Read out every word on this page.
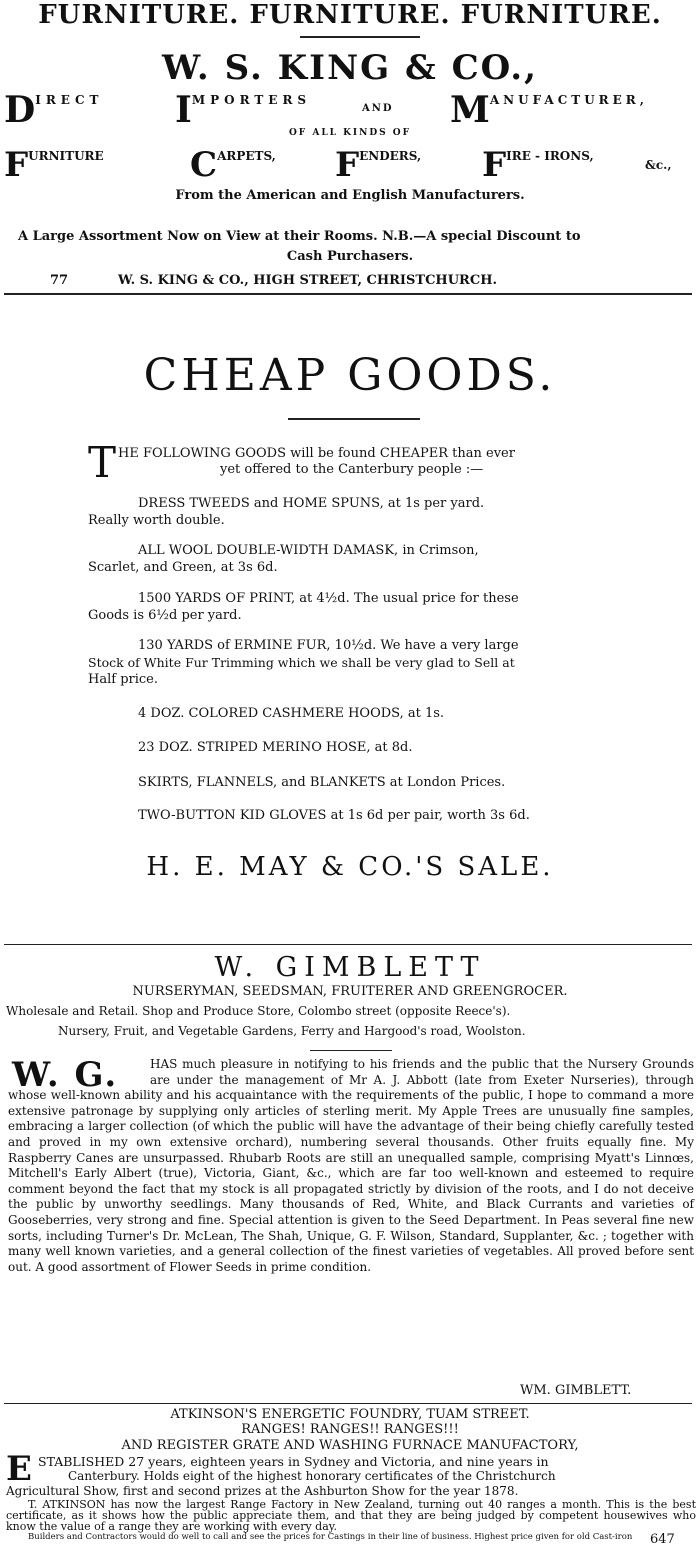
FURNITURE. FURNITURE. FURNITURE.
W. S. KING & CO.,
$D^{IRECT}$ $I^{MPORTERS}$
AND $M^{ANUFACTURER,}$
OF ALL KINDS OF
$F^{URNITURE}$	$C^{ARPETS,}$ $F^{ENDERS,}$ $F^{IRE - IRONS,}$
&c.,
From the American and English Manufacturers.
A Large Assortment Now on View at their Rooms. N.B.—A special Discount to
Cash Purchasers.
77	W. S. KING & CO., HIGH STREET, CHRISTCHURCH.
CHEAP GOODS.
T HE FOLLOWING GOODS will be found CHEAPER than ever
yet offered to the Canterbury people :—
DRESS TWEEDS and HOME SPUNS, at 1s per yard.
Really worth double.
ALL WOOL DOUBLE-WIDTH DAMASK, in Crimson,
Scarlet, and Green, at 3s 6d.
1500 YARDS OF PRINT, at 4½d. The usual price for these
Goods is 6½d per yard.
130 YARDS of ERMINE FUR, 10½d. We have a very large
Stock of White Fur Trimming which we shall be very glad to Sell at
Half price.
4 DOZ. COLORED CASHMERE HOODS, at 1s.
23 DOZ. STRIPED MERINO HOSE, at 8d.
SKIRTS, FLANNELS, and BLANKETS at London Prices.
TWO-BUTTON KID GLOVES at 1s 6d per pair, worth 3s 6d.
H. E. MAY & CO.'S SALE.
W. GIMBLETT
NURSERYMAN, SEEDSMAN, FRUITERER AND GREENGROCER.
Wholesale and Retail. Shop and Produce Store, Colombo street (opposite Reece's).
Nursery, Fruit, and Vegetable Gardens, Ferry and Hargood's road, Woolston.
W. G.	HAS much pleasure in notifying to his friends and the public that the Nursery Grounds are under the management of Mr A. J. Abbott (late from Exeter Nurseries), through whose well-known ability and his acquaintance with the requirements of the public, I hope to command a more extensive patronage by supplying only articles of sterling merit. My Apple Trees are unusually fine samples, embracing a larger collection (of which the public will have the advantage of their being chiefly carefully tested and proved in my own extensive orchard), numbering several thousands. Other fruits equally fine. My Raspberry Canes are unsurpassed. Rhubarb Roots are still an unequalled sample, comprising Myatt's Linnœs, Mitchell's Early Albert (true), Victoria, Giant, &c., which are far too well-known and esteemed to require comment beyond the fact that my stock is all propagated strictly by division of the roots, and I do not deceive the public by unworthy seedlings. Many thousands of Red, White, and Black Currants and varieties of Gooseberries, very strong and fine. Special attention is given to the Seed Department. In Peas several fine new sorts, including Turner's Dr. McLean, The Shah, Unique, G. F. Wilson, Standard, Supplanter, &c. ; together with many well known varieties, and a general collection of the finest varieties of vegetables. All proved before sent out. A good assortment of Flower Seeds in prime condition.
WM. GIMBLETT.
ATKINSON'S ENERGETIC FOUNDRY, TUAM STREET.
RANGES! RANGES!! RANGES!!!
AND REGISTER GRATE AND WASHING FURNACE MANUFACTORY,
E STABLISHED 27 years, eighteen years in Sydney and Victoria, and nine years in
Canterbury. Holds eight of the highest honorary certificates of the Christchurch
Agricultural Show, first and second prizes at the Ashburton Show for the year 1878.
T. ATKINSON has now the largest Range Factory in New Zealand, turning out 40 ranges a month. This is the best certificate, as it shows how the public appreciate them, and that they are being judged by competent housewives who know the value of a range they are working with every day.
Builders and Contractors would do well to call and see the prices for Castings in their line of business. Highest price given for old Cast-iron 647
